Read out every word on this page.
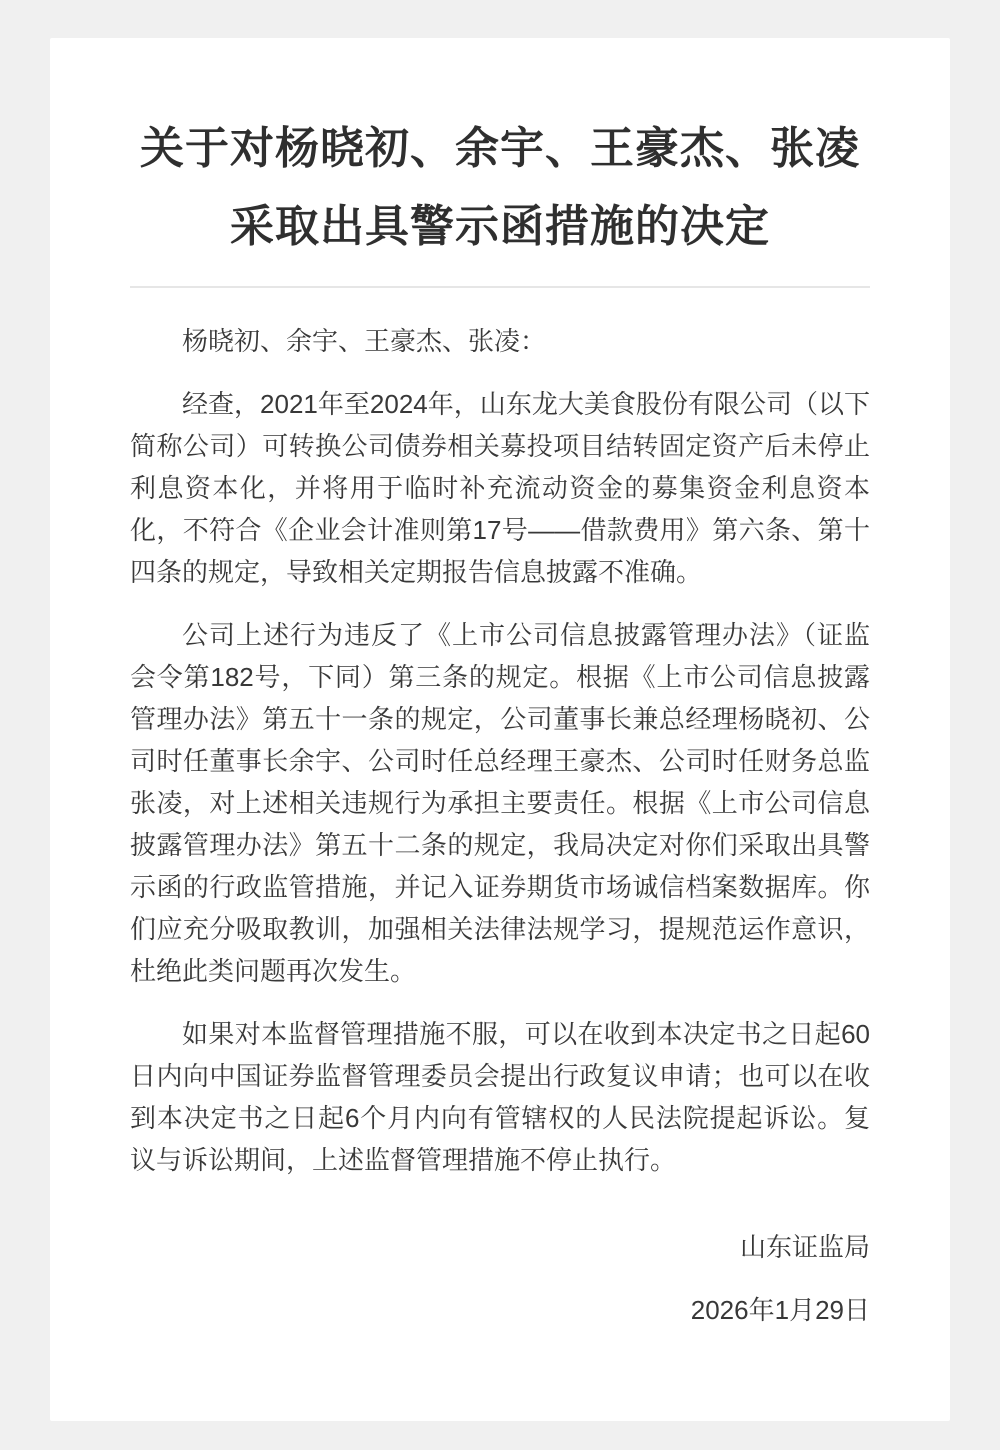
关于对杨晓初、余宇、王豪杰、张凌
采取出具警示函措施的决定

杨晓初、余宇、王豪杰、张凌：

经查，2021年至2024年，山东龙大美食股份有限公司（以下简称公司）可转换公司债券相关募投项目结转固定资产后未停止利息资本化，并将用于临时补充流动资金的募集资金利息资本化，不符合《企业会计准则第17号——借款费用》第六条、第十四条的规定，导致相关定期报告信息披露不准确。

公司上述行为违反了《上市公司信息披露管理办法》（证监会令第182号，下同）第三条的规定。根据《上市公司信息披露管理办法》第五十一条的规定，公司董事长兼总经理杨晓初、公司时任董事长余宇、公司时任总经理王豪杰、公司时任财务总监张凌，对上述相关违规行为承担主要责任。根据《上市公司信息披露管理办法》第五十二条的规定，我局决定对你们采取出具警示函的行政监管措施，并记入证券期货市场诚信档案数据库。你们应充分吸取教训，加强相关法律法规学习，提规范运作意识，杜绝此类问题再次发生。

如果对本监督管理措施不服，可以在收到本决定书之日起60日内向中国证券监督管理委员会提出行政复议申请；也可以在收到本决定书之日起6个月内向有管辖权的人民法院提起诉讼。复议与诉讼期间，上述监督管理措施不停止执行。

山东证监局

2026年1月29日
